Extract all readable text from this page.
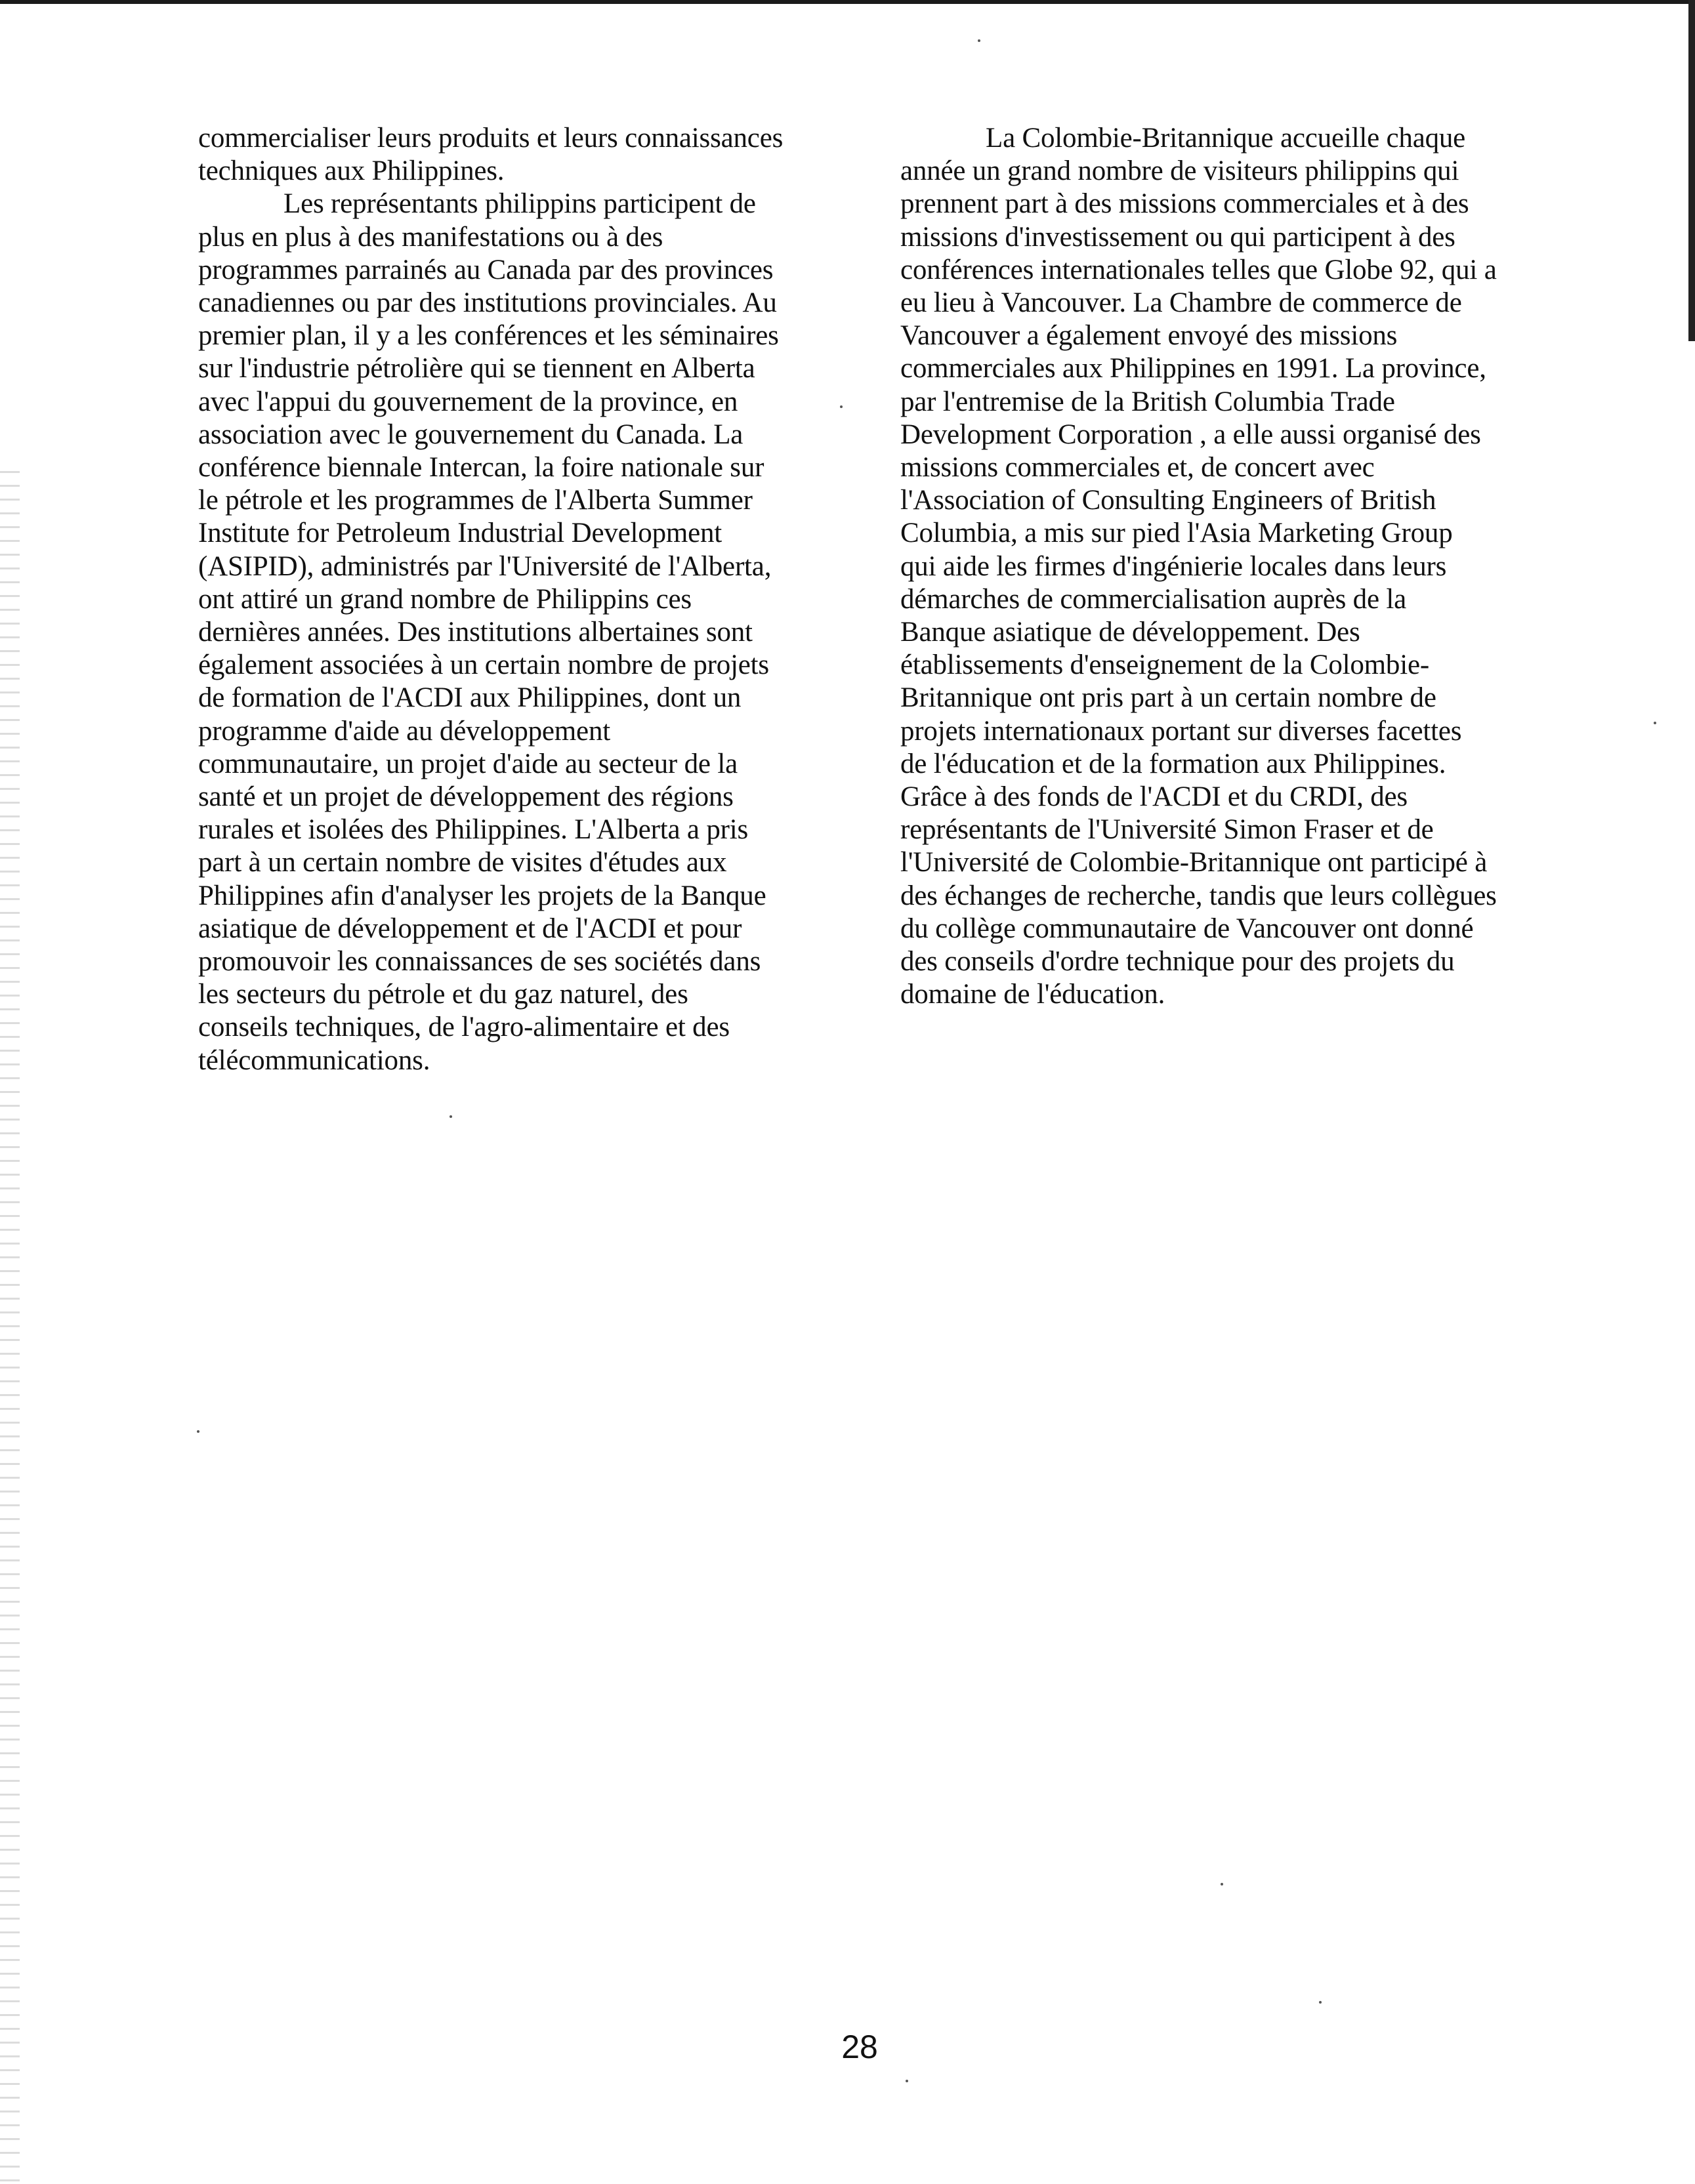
commercialiser leurs produits et leurs connaissances
techniques aux Philippines.

Les représentants philippins participent de
plus en plus à des manifestations ou à des
programmes parrainés au Canada par des provinces
canadiennes ou par des institutions provinciales. Au
premier plan, il y a les conférences et les séminaires
sur l'industrie pétrolière qui se tiennent en Alberta
avec l'appui du gouvernement de la province, en
association avec le gouvernement du Canada. La
conférence biennale Intercan, la foire nationale sur
le pétrole et les programmes de l'Alberta Summer
Institute for Petroleum Industrial Development
(ASIPID), administrés par l'Université de l'Alberta,
ont attiré un grand nombre de Philippins ces
dernières années. Des institutions albertaines sont
également associées à un certain nombre de projets
de formation de l'ACDI aux Philippines, dont un
programme d'aide au développement
communautaire, un projet d'aide au secteur de la
santé et un projet de développement des régions
rurales et isolées des Philippines. L'Alberta a pris
part à un certain nombre de visites d'études aux
Philippines afin d'analyser les projets de la Banque
asiatique de développement et de l'ACDI et pour
promouvoir les connaissances de ses sociétés dans
les secteurs du pétrole et du gaz naturel, des
conseils techniques, de l'agro-alimentaire et des
télécommunications.

La Colombie-Britannique accueille chaque
année un grand nombre de visiteurs philippins qui
prennent part à des missions commerciales et à des
missions d'investissement ou qui participent à des
conférences internationales telles que Globe 92, qui a
eu lieu à Vancouver. La Chambre de commerce de
Vancouver a également envoyé des missions
commerciales aux Philippines en 1991. La province,
par l'entremise de la British Columbia Trade
Development Corporation , a elle aussi organisé des
missions commerciales et, de concert avec
l'Association of Consulting Engineers of British
Columbia, a mis sur pied l'Asia Marketing Group
qui aide les firmes d'ingénierie locales dans leurs
démarches de commercialisation auprès de la
Banque asiatique de développement. Des
établissements d'enseignement de la Colombie-
Britannique ont pris part à un certain nombre de
projets internationaux portant sur diverses facettes
de l'éducation et de la formation aux Philippines.
Grâce à des fonds de l'ACDI et du CRDI, des
représentants de l'Université Simon Fraser et de
l'Université de Colombie-Britannique ont participé à
des échanges de recherche, tandis que leurs collègues
du collège communautaire de Vancouver ont donné
des conseils d'ordre technique pour des projets du
domaine de l'éducation.

28
